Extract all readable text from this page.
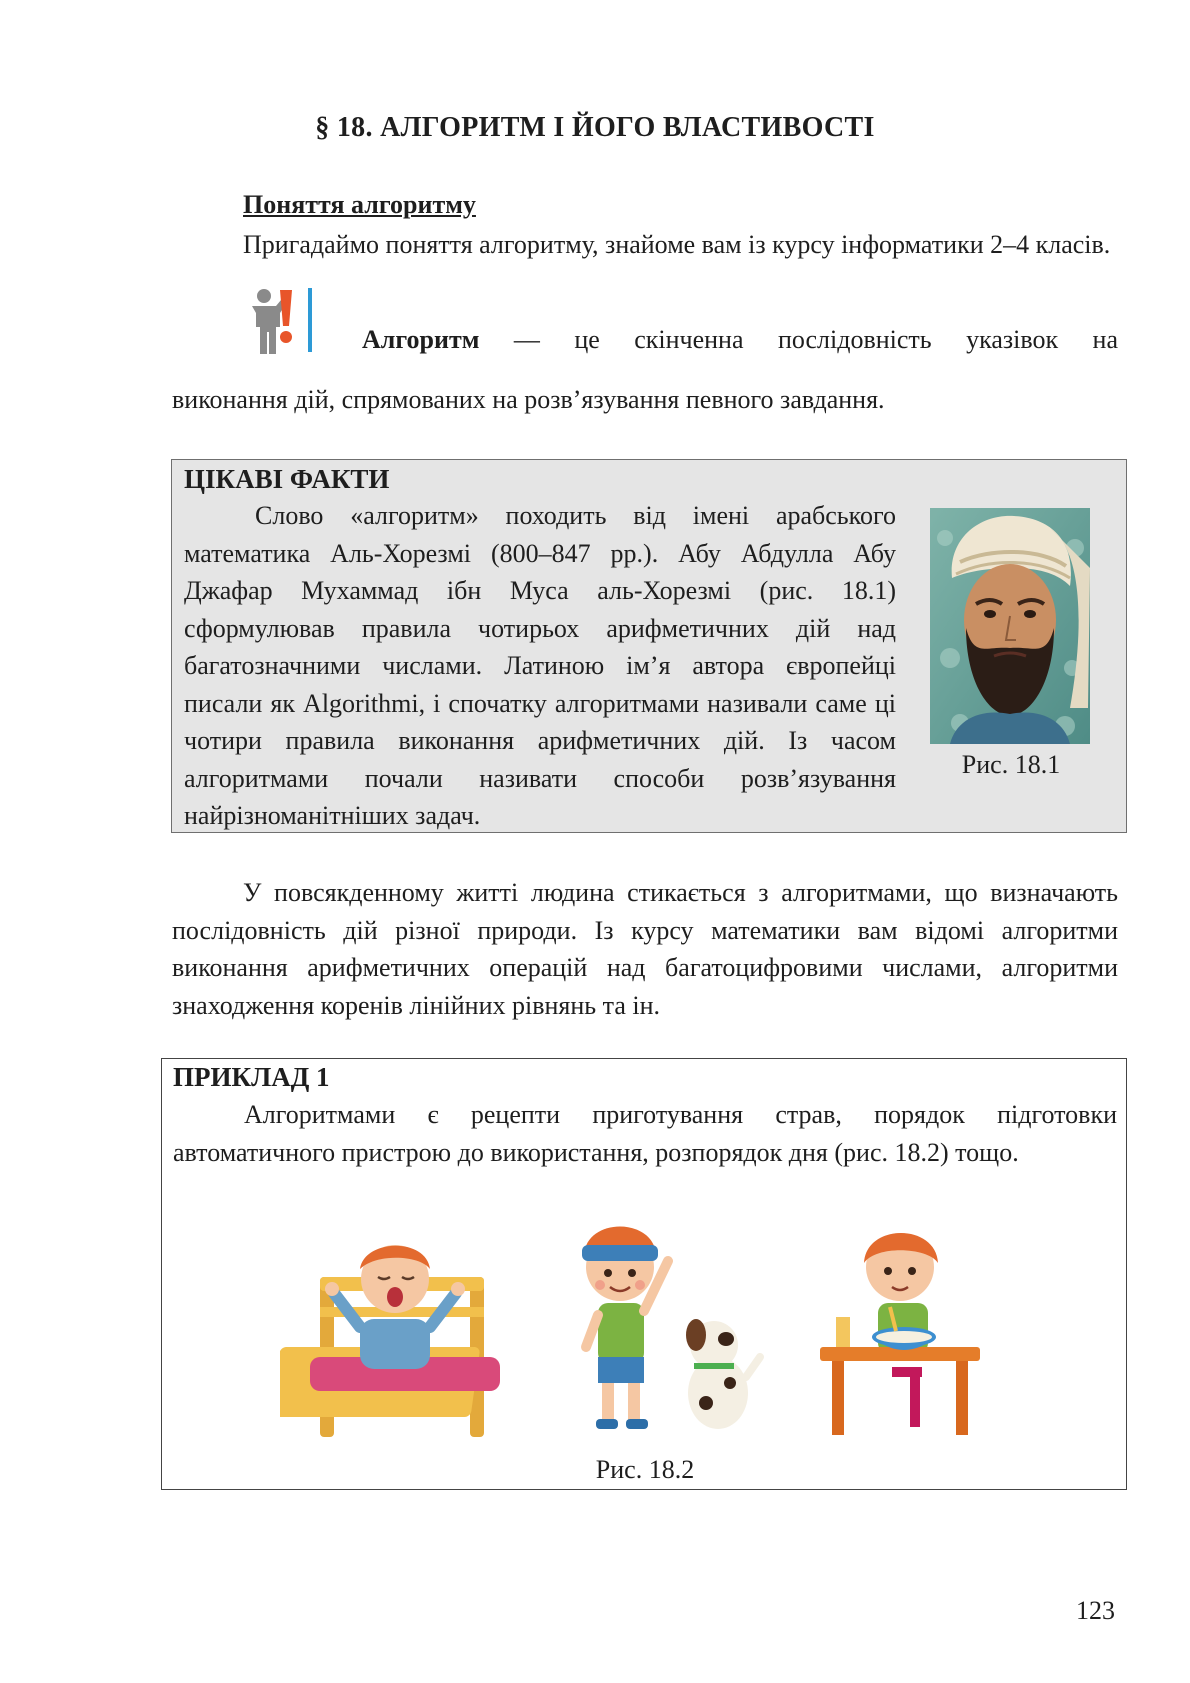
§ 18. АЛГОРИТМ І ЙОГО ВЛАСТИВОСТІ
Поняття алгоритму
Пригадаймо поняття алгоритму, знайоме вам із курсу інформатики 2–4 класів.
Алгоритм — це скінченна послідовність указівок на
виконання дій, спрямованих на розв’язування певного завдання.
ЦІКАВІ ФАКТИ
Слово «алгоритм» походить від імені арабського математика Аль-Хорезмі (800–847 рр.). Абу Абдулла Абу Джафар Мухаммад ібн Муса аль-Хорезмі (рис. 18.1) сформулював правила чотирьох арифметичних дій над багатозначними числами. Латиною ім’я автора європейці писали як Algorithmi, і спочатку алгоритмами називали саме ці чотири правила виконання арифметичних дій. Із часом алгоритмами почали називати способи розв’язування найрізноманітніших задач.
Рис. 18.1
У повсякденному житті людина стикається з алгоритмами, що визначають послідовність дій різної природи. Із курсу математики вам відомі алгоритми виконання арифметичних операцій над багатоцифровими числами, алгоритми знаходження коренів лінійних рівнянь та ін.
ПРИКЛАД 1
Алгоритмами є рецепти приготування страв, порядок підготовки автоматичного пристрою до використання, розпорядок дня (рис. 18.2) тощо.
Рис. 18.2
123
